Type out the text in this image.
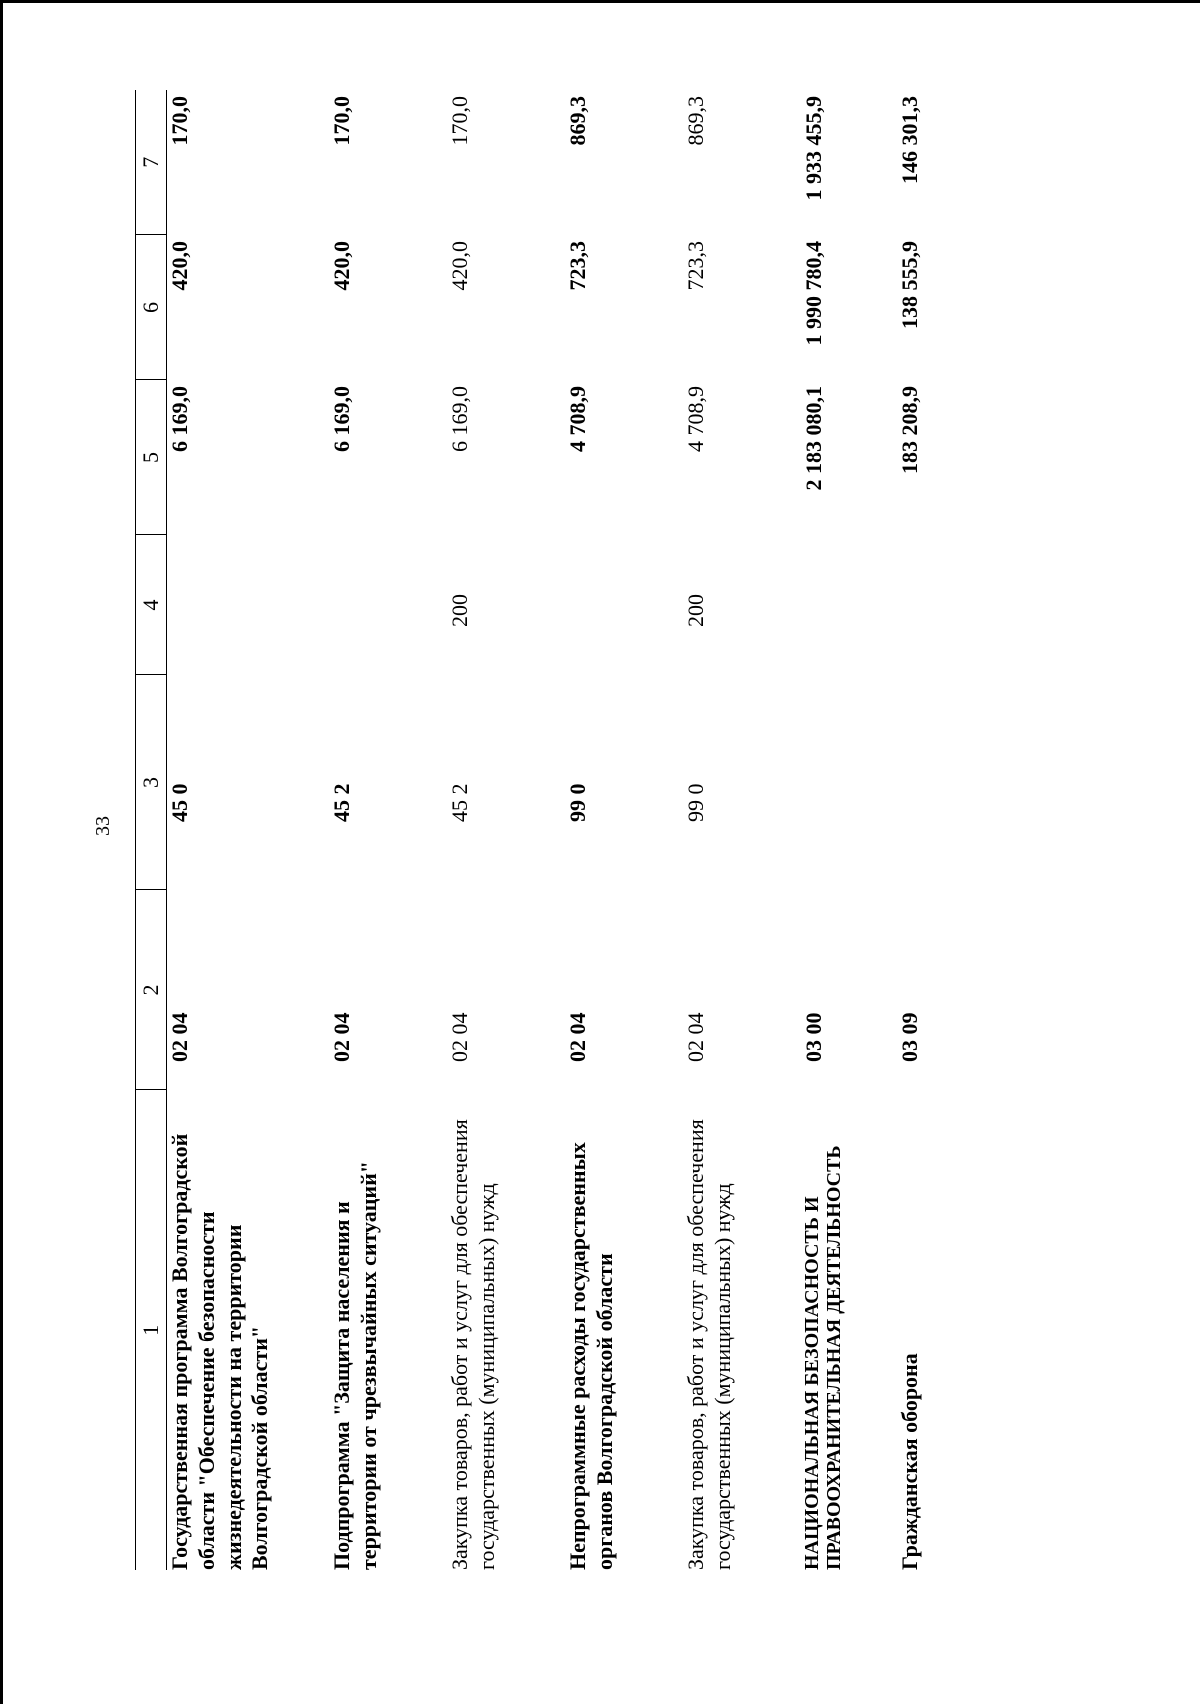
33
1	2	3	4	5	6	7
Государственная программа Волгоградской области "Обеспечение безопасности жизнедеятельности на территории Волгоградской области"	02 04	45 0		6 169,0	420,0	170,0
Подпрограмма "Защита населения и территории от чрезвычайных ситуаций"	02 04	45 2		6 169,0	420,0	170,0
Закупка товаров, работ и услуг для обеспечения государственных (муниципальных) нужд	02 04	45 2	200	6 169,0	420,0	170,0
Непрограммные расходы государственных органов Волгоградской области	02 04	99 0		4 708,9	723,3	869,3
Закупка товаров, работ и услуг для обеспечения государственных (муниципальных) нужд	02 04	99 0	200	4 708,9	723,3	869,3
НАЦИОНАЛЬНАЯ БЕЗОПАСНОСТЬ И ПРАВООХРАНИТЕЛЬНАЯ ДЕЯТЕЛЬНОСТЬ	03 00			2 183 080,1	1 990 780,4	1 933 455,9
Гражданская оборона	03 09			183 208,9	138 555,9	146 301,3
